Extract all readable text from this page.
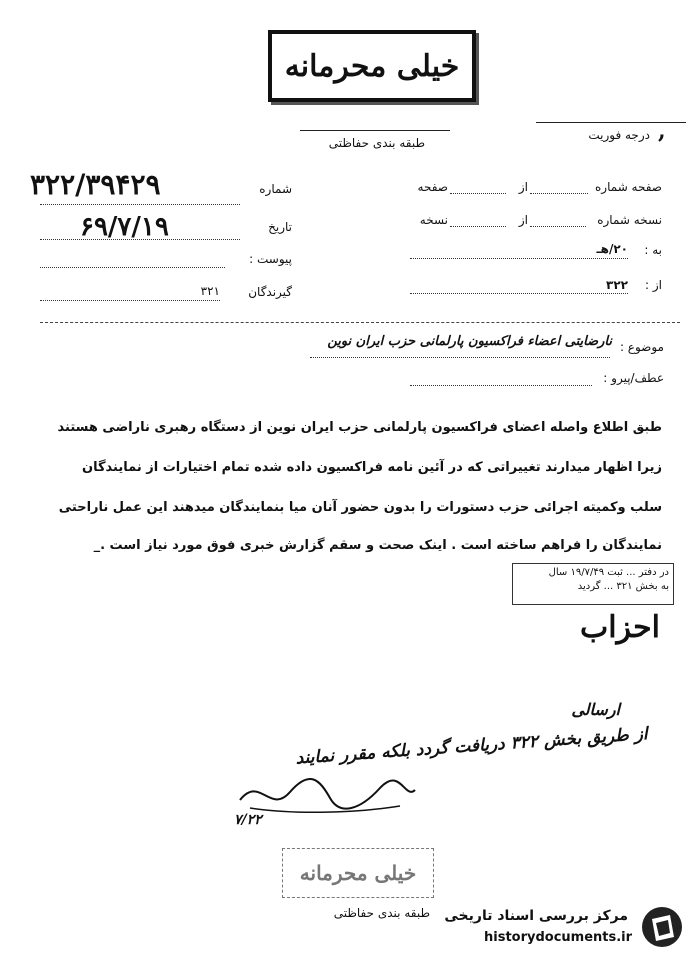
خیلی محرمانه
درجه فوریت ,
طبقه بندی حفاظتی
۳۲۲/۳۹۴۲۹	شماره
۶۹/۷/۱۹	تاریخ
پیوست :
گیرندگان
۳۲۱
صفحه شماره
از
صفحه
نسخه شماره
از
نسخه
به :
۲۰/هـ
از :
۳۲۲
موضوع :
نارضایتی اعضاء فراکسیون پارلمانی حزب ایران نوین
عطف/پیرو :
طبق اطلاع واصله اعضای فراکسیون پارلمانی حزب ایران نوین از دستگاه رهبری ناراضی هستند
زیرا اظهار میدارند تغییراتی که در آئین نامه فراکسیون داده شده تمام اختیارات از نمایندگان
سلب وکمیته اجرائی حزب دستورات را بدون حضور آنان میا بنمایندگان میدهند این عمل ناراحتی
نمایندگان را فراهم ساخته است . اینک صحت و سقم گزارش خبری فوق مورد نیاز است ._
در دفتر ... ثبت ۱۹/۷/۴۹ سال
به بخش ۳۲۱ ... گردید
احزاب
ارسالی
از طریق بخش ۳۲۲ دریافت گردد بلکه مقرر نمایند
۷/۲۲
خیلی محرمانه
طبقه بندی حفاظتی مرکز بررسی اسناد تاریخی
historydocuments.ir
